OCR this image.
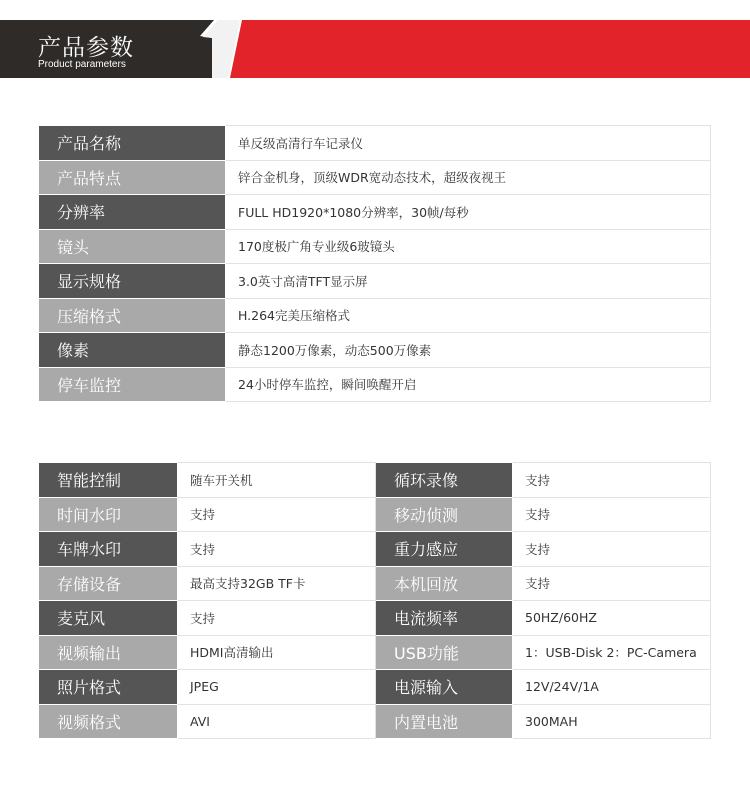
产品参数
Product parameters
产品名称	单反级高清行车记录仪
产品特点	锌合金机身，顶级WDR宽动态技术，超级夜视王
分辨率	FULL HD1920*1080分辨率，30帧/每秒
镜头	170度极广角专业级6玻镜头
显示规格	3.0英寸高清TFT显示屏
压缩格式	H.264完美压缩格式
像素	静态1200万像素，动态500万像素
停车监控	24小时停车监控，瞬间唤醒开启
智能控制	随车开关机	循环录像	支持
时间水印	支持	移动侦测	支持
车牌水印	支持	重力感应	支持
存储设备	最高支持32GB TF卡	本机回放	支持
麦克风	支持	电流频率	50HZ/60HZ
视频输出	HDMI高清输出	USB功能	1：USB-Disk 2：PC-Camera
照片格式	JPEG	电源输入	12V/24V/1A
视频格式	AVI	内置电池	300MAH
